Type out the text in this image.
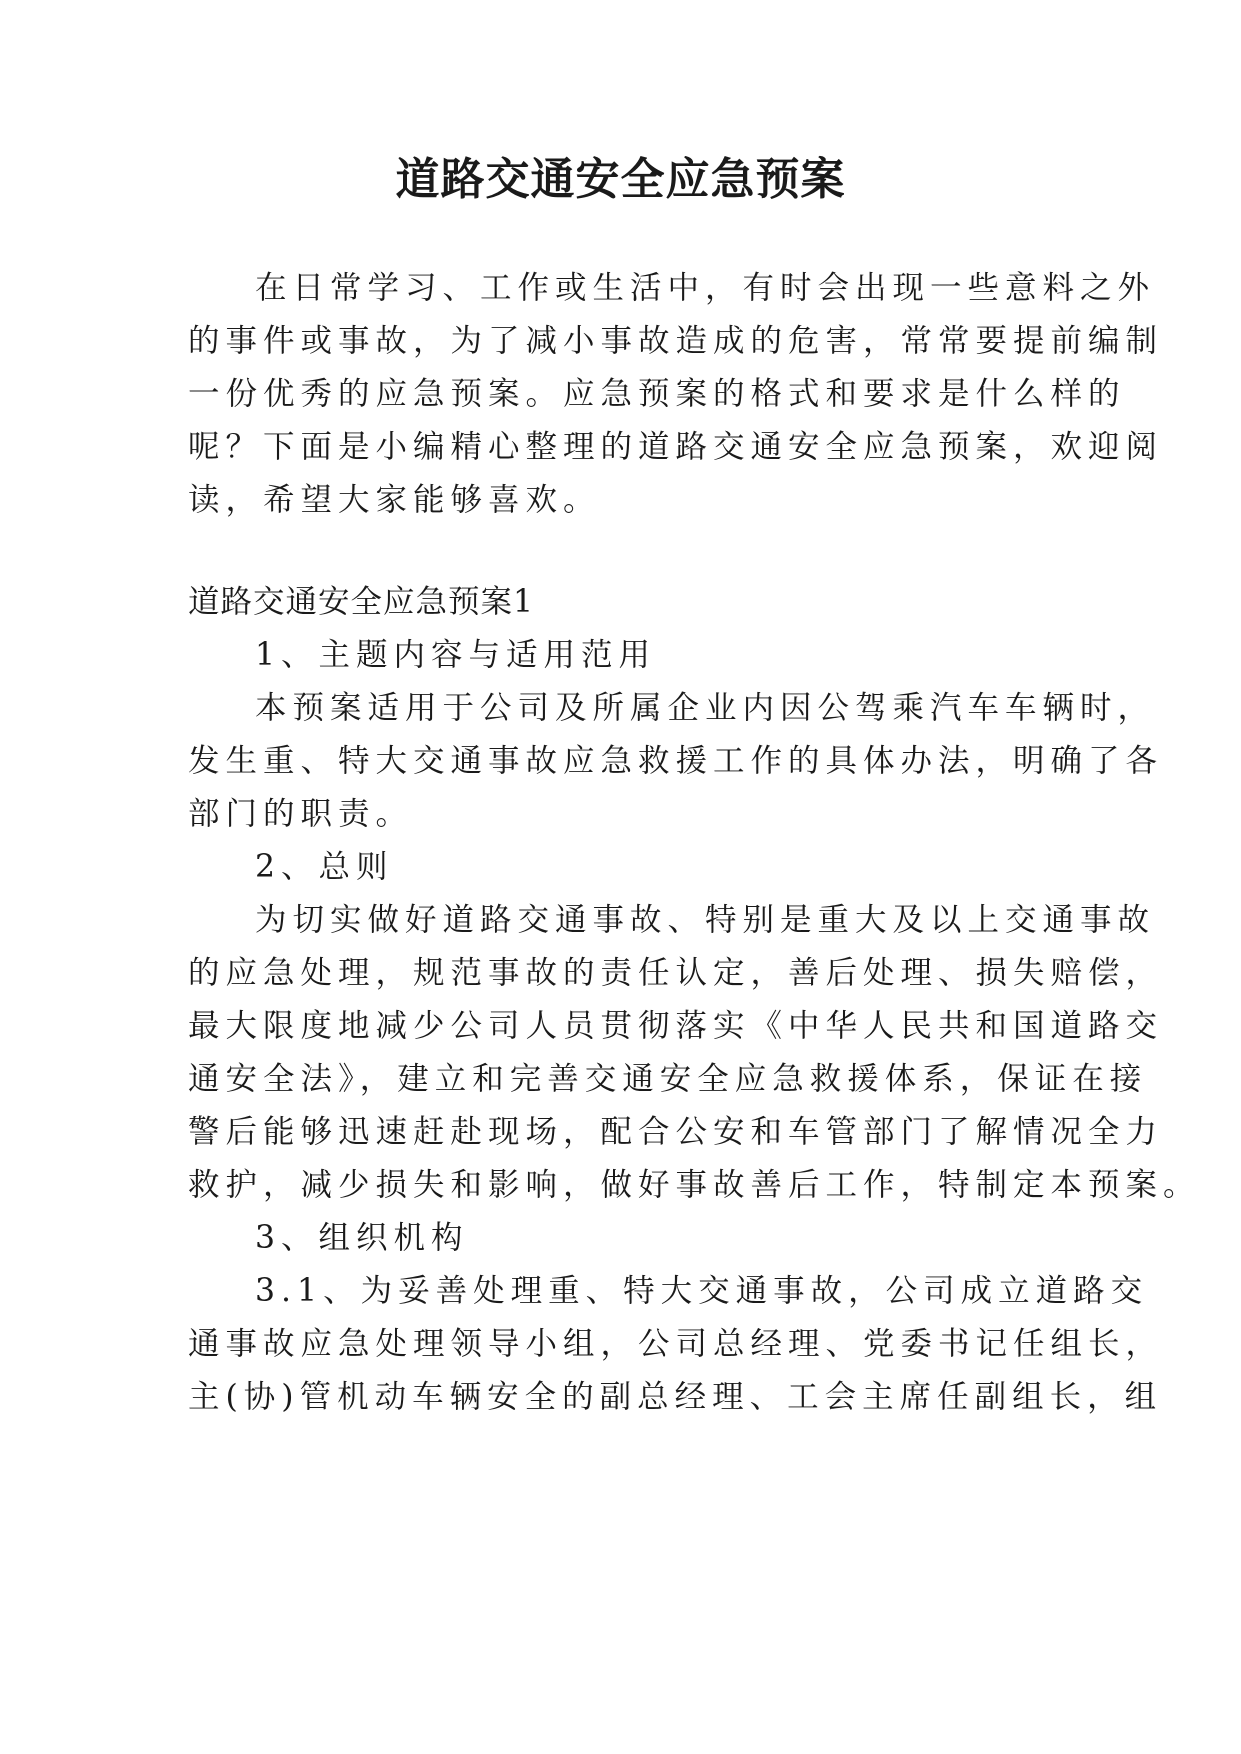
道路交通安全应急预案

在日常学习、工作或生活中，有时会出现一些意料之外

的事件或事故，为了减小事故造成的危害，常常要提前编制

一份优秀的应急预案。应急预案的格式和要求是什么样的

呢？下面是小编精心整理的道路交通安全应急预案，欢迎阅

读，希望大家能够喜欢。

道路交通安全应急预案1

1、主题内容与适用范用

本预案适用于公司及所属企业内因公驾乘汽车车辆时，

发生重、特大交通事故应急救援工作的具体办法，明确了各

部门的职责。

2、总则

为切实做好道路交通事故、特别是重大及以上交通事故

的应急处理，规范事故的责任认定，善后处理、损失赔偿，

最大限度地减少公司人员贯彻落实《中华人民共和国道路交

通安全法》，建立和完善交通安全应急救援体系，保证在接

警后能够迅速赶赴现场，配合公安和车管部门了解情况全力

救护，减少损失和影响，做好事故善后工作，特制定本预案。

3、组织机构

3.1、为妥善处理重、特大交通事故，公司成立道路交

通事故应急处理领导小组，公司总经理、党委书记任组长，

主(协)管机动车辆安全的副总经理、工会主席任副组长，组
